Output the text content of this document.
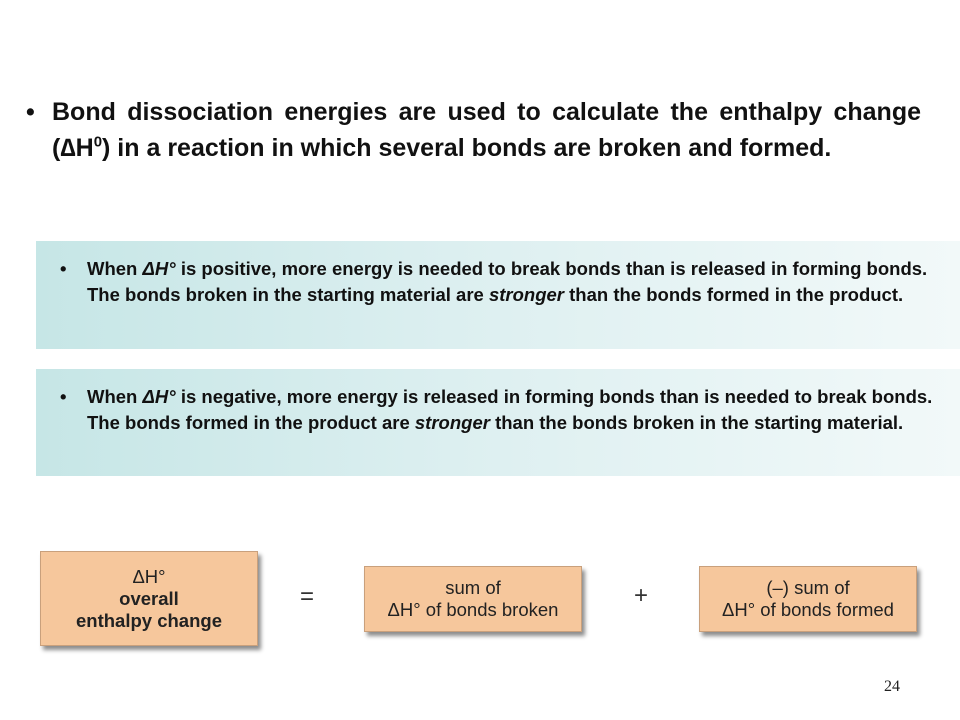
• Bond dissociation energies are used to calculate the enthalpy change $(\Delta H^0)$ in a reaction in which several bonds are broken and formed.
•	When ΔH° is positive, more energy is needed to break bonds than is released in forming bonds. The bonds broken in the starting material are stronger than the bonds formed in the product.
•	When ΔH° is negative, more energy is released in forming bonds than is needed to break bonds. The bonds formed in the product are stronger than the bonds broken in the starting material.
ΔH°
overall
enthalpy change
=	sum of
ΔH° of bonds broken
+	(–) sum of
ΔH° of bonds formed
24
